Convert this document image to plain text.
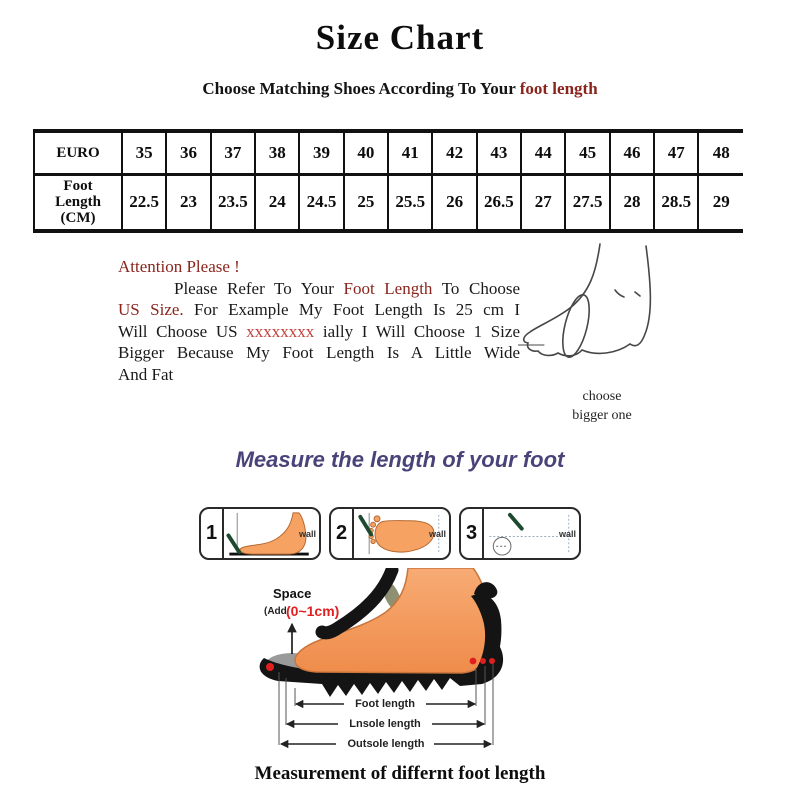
Size Chart
Choose Matching Shoes According To Your foot length
EURO	35	36	37	38	39	40	41	42	43	44	45	46	47	48
Foot
Length
(CM)	22.5	23	23.5	24	24.5	25	25.5	26	26.5	27	27.5	28	28.5	29
Attention Please !
Please Refer To Your Foot Length To Choose
US Size. For Example My Foot Length Is 25 cm I
Will Choose US xxxxxxxx ially I Will Choose 1 Size
Bigger Because My Foot Length Is A Little Wide
And Fat
choose
bigger one
Measure the length of your foot
1	wall 2	wall 3	wall
Space
(Add (0~1cm)
Foot length
Lnsole length
Outsole length
Measurement of differnt foot length
